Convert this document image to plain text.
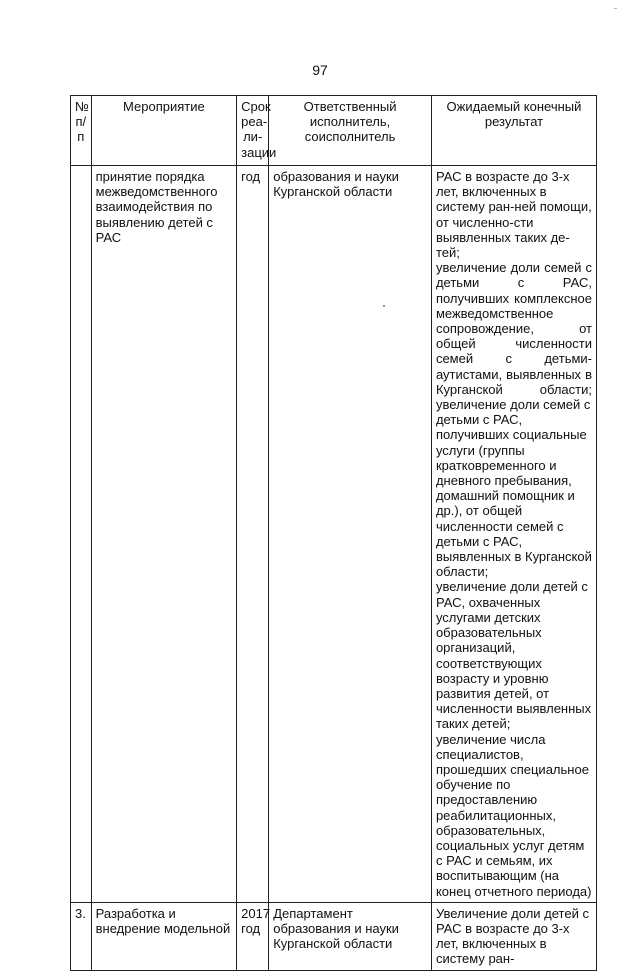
97
№ п/п	Мероприятие	Срок реа-ли-зации	Ответственный исполнитель, соисполнитель	Ожидаемый конечный результат
	принятие порядка межведомственного взаимодействия по выявлению детей с РАС	год	образования и науки Курганской области	РАС в возрасте до 3-х лет, включенных в систему ран-ней помощи, от численно-сти выявленных таких де-тей;
увеличение доли семей с детьми с РАС, получивших комплексное межведомственное сопровождение, от общей численности семей с детьми-аутистами, выявленных в Курганской области;
увеличение доли семей с детьми с РАС, получивших социальные услуги (группы кратковременного и дневного пребывания, домашний помощник и др.), от общей численности семей с детьми с РАС, выявленных в Курганской области;
увеличение доли детей с РАС, охваченных услугами детских образовательных организаций, соответствующих возрасту и уровню развития детей, от численности выявленных таких детей;
увеличение числа специалистов, прошедших специальное обучение по предоставлению реабилитационных, образовательных, социальных услуг детям с РАС и семьям, их воспитывающим (на конец отчетного периода)

3.	Разработка и внедрение модельной	2017 год	Департамент образования и науки Курганской области	Увеличение доли детей с РАС в возрасте до 3-х лет, включенных в систему ран-
